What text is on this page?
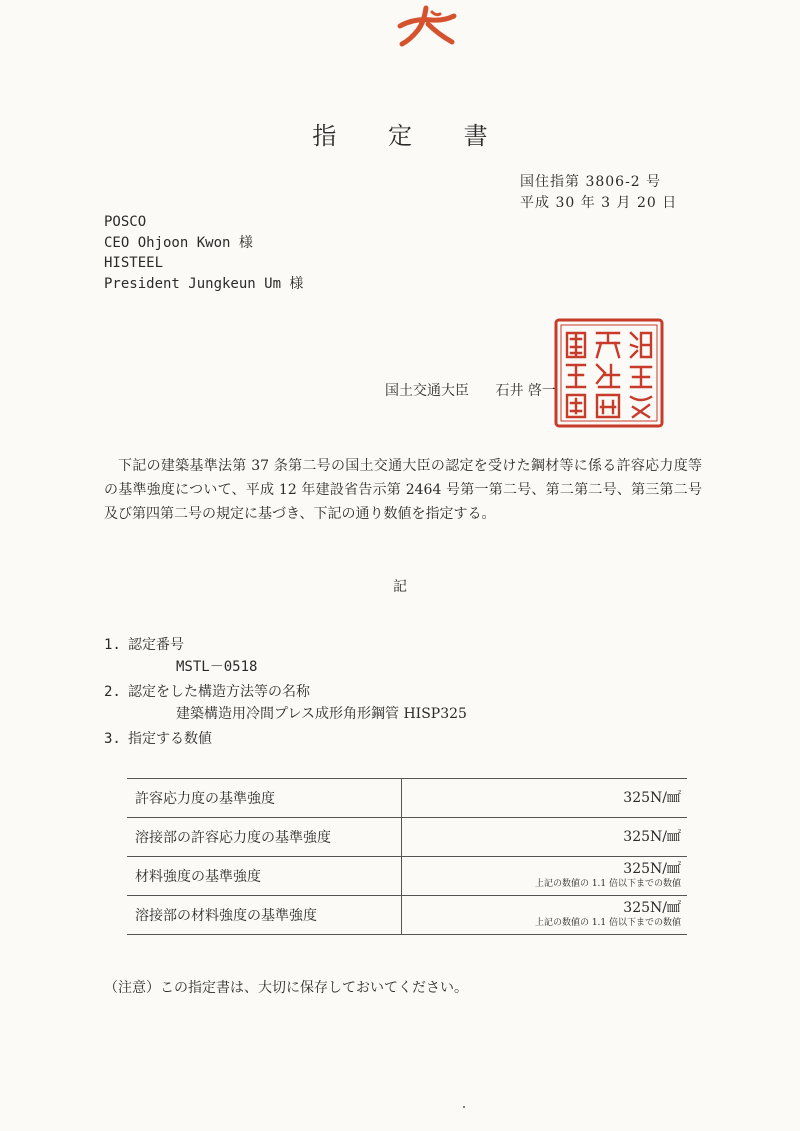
指 定 書
国住指第 3806-2 号
平成 30 年 3 月 20 日
POSCO
CEO Ohjoon Kwon 様
HISTEEL
President Jungkeun Um 様
国土交通大臣 石井 啓一
下記の建築基準法第 37 条第二号の国土交通大臣の認定を受けた鋼材等に係る許容応力度等の基準強度について、平成 12 年建設省告示第 2464 号第一第二号、第二第二号、第三第二号及び第四第二号の規定に基づき、下記の通り数値を指定する。
記
1. 認定番号
MSTL－0518
2. 認定をした構造方法等の名称
建築構造用冷間プレス成形角形鋼管 HISP325
3. 指定する数値
許容応力度の基準強度	325N/㎟

溶接部の許容応力度の基準強度	325N/㎟

材料強度の基準強度	325N/㎟
上記の数値の 1.1 倍以下までの数値

溶接部の材料強度の基準強度	325N/㎟
上記の数値の 1.1 倍以下までの数値
（注意）この指定書は、大切に保存しておいてください。
